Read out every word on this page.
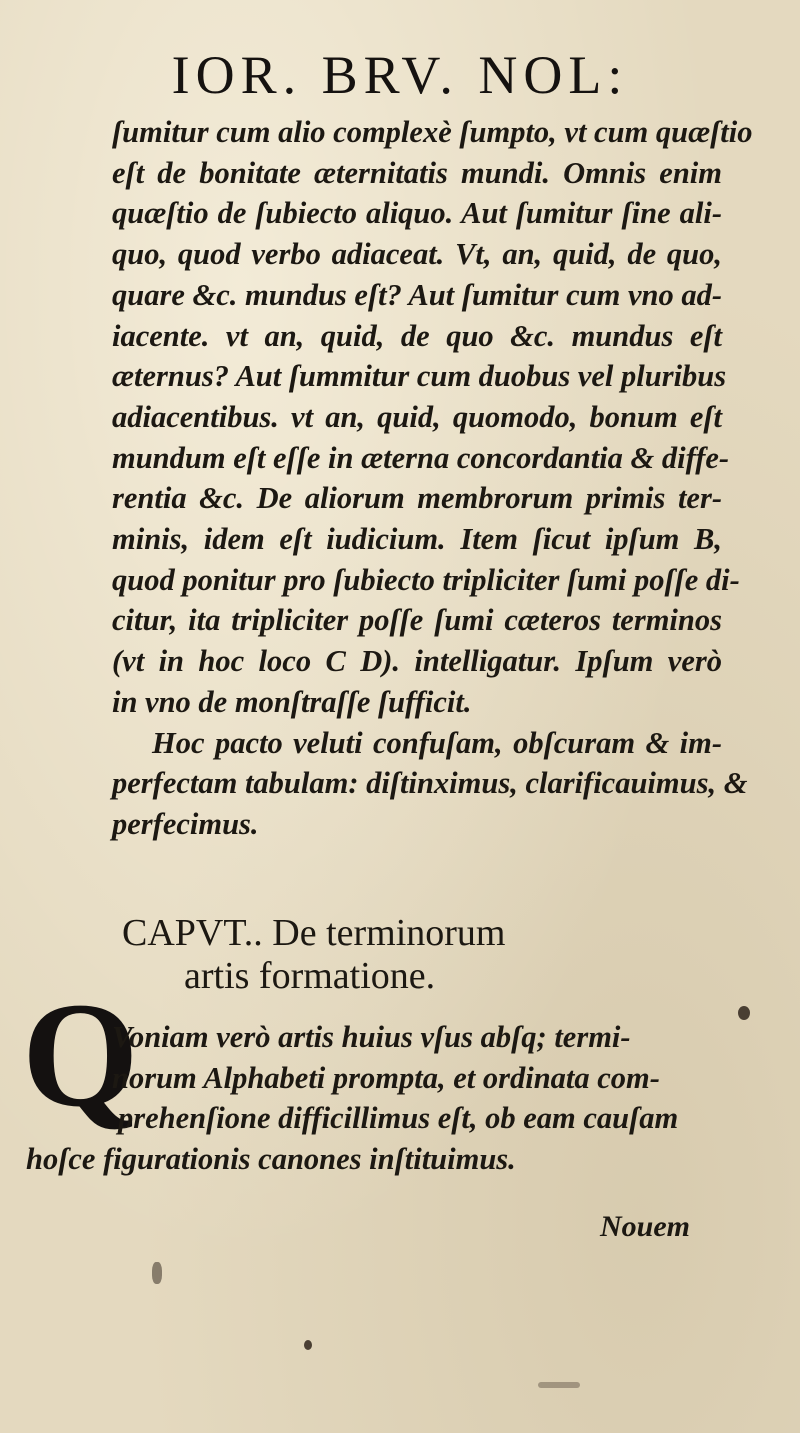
IOR. BRV. NOL:
ſumitur cum alio complexè ſumpto, vt cum quæſtio
eſt de bonitate æternitatis mundi. Omnis enim
quæſtio de ſubiecto aliquo. Aut ſumitur ſine ali-
quo, quod verbo adiaceat. Vt, an, quid, de quo,
quare &c. mundus eſt? Aut ſumitur cum vno ad-
iacente. vt an, quid, de quo &c. mundus eſt
æternus? Aut ſummitur cum duobus vel pluribus
adiacentibus. vt an, quid, quomodo, bonum eſt
mundum eſt eſſe in æterna concordantia & diffe-
rentia &c. De aliorum membrorum primis ter-
minis, idem eſt iudicium. Item ſicut ipſum B,
quod ponitur pro ſubiecto tripliciter ſumi poſſe di-
citur, ita tripliciter poſſe ſumi cæteros terminos
(vt in hoc loco C D). intelligatur. Ipſum verò
in vno de monſtraſſe ſufficit.
Hoc pacto veluti confuſam, obſcuram & im-
perfectam tabulam: diſtinximus, clarificauimus, &
perfecimus.
CAPVT.. De terminorum
artis formatione.
Q
Voniam verò artis huius vſus abſq; termi-
norum Alphabeti prompta, et ordinata com-
prehenſione difficillimus eſt, ob eam cauſam
hoſce figurationis canones inſtituimus.
Nouem
